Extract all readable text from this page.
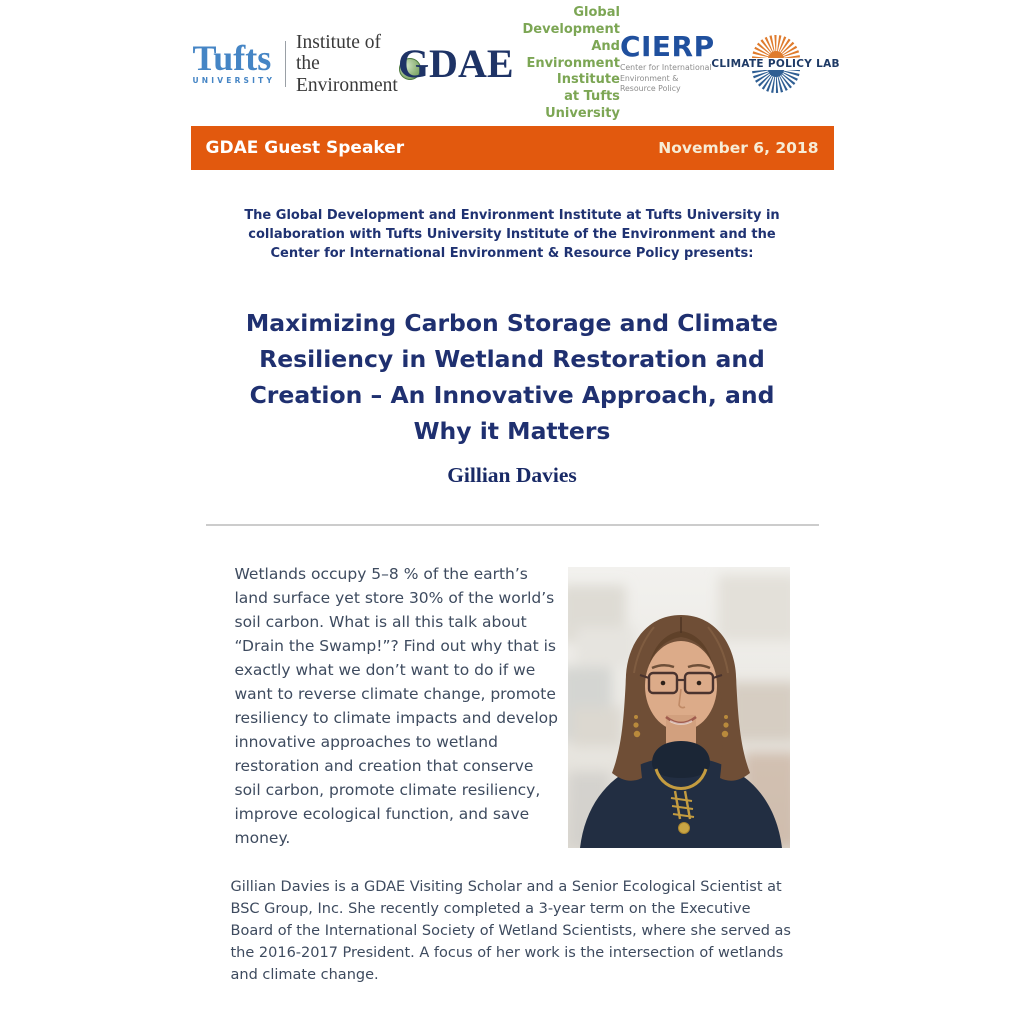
Tufts
UNIVERSITY
Institute of the
Environment GDAE
Global Development And
Environment Institute
at Tufts University
CIERP
Center for International
Environment & Resource Policy
CLIMATE POLICY LAB
GDAE Guest Speaker	November 6, 2018

The Global Development and Environment Institute at Tufts University in collaboration with Tufts University Institute of the Environment and the Center for International Environment & Resource Policy presents:

Maximizing Carbon Storage and Climate Resiliency in Wetland Restoration and Creation – An Innovative Approach, and Why it Matters
Gillian Davies

Wetlands occupy 5–8 % of the earth’s land surface yet store 30% of the world’s soil carbon. What is all this talk about “Drain the Swamp!”? Find out why that is exactly what we don’t want to do if we want to reverse climate change, promote resiliency to climate impacts and develop innovative approaches to wetland restoration and creation that conserve soil carbon, promote climate resiliency, improve ecological function, and save money.

Gillian Davies is a GDAE Visiting Scholar and a Senior Ecological Scientist at BSC Group, Inc. She recently completed a 3-year term on the Executive Board of the International Society of Wetland Scientists, where she served as the 2016-2017 President. A focus of her work is the intersection of wetlands and climate change.
